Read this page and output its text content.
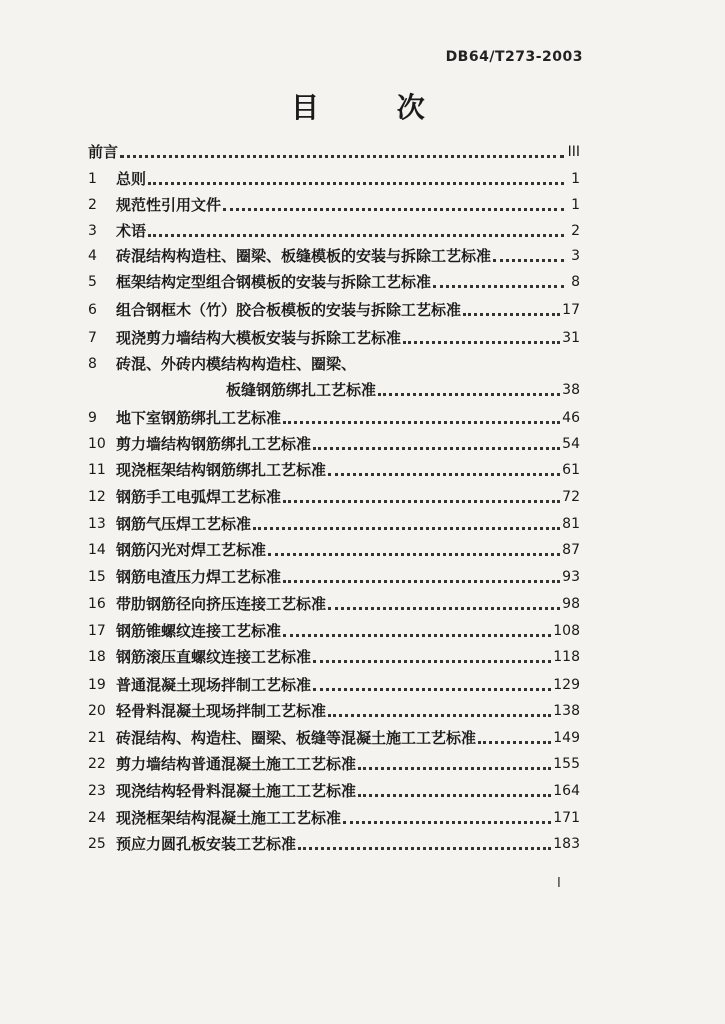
DB64/T273-2003
目 次
前言	III
1	总则	1
2	规范性引用文件	1
3	术语	2
4	砖混结构构造柱、圈梁、板缝模板的安装与拆除工艺标准	3
5	框架结构定型组合钢模板的安装与拆除工艺标准	8
6	组合钢框木（竹）胶合板模板的安装与拆除工艺标准	17
7	现浇剪力墙结构大模板安装与拆除工艺标准	31
8	砖混、外砖内模结构构造柱、圈梁、
板缝钢筋绑扎工艺标准	38
9	地下室钢筋绑扎工艺标准	46
10 剪力墙结构钢筋绑扎工艺标准	54
11 现浇框架结构钢筋绑扎工艺标准	61
12 钢筋手工电弧焊工艺标准	72
13 钢筋气压焊工艺标准	81
14 钢筋闪光对焊工艺标准	87
15 钢筋电渣压力焊工艺标准	93
16 带肋钢筋径向挤压连接工艺标准	98
17 钢筋锥螺纹连接工艺标准	108
18 钢筋滚压直螺纹连接工艺标准	118
19 普通混凝土现场拌制工艺标准	129
20 轻骨料混凝土现场拌制工艺标准	138
21 砖混结构、构造柱、圈梁、板缝等混凝土施工工艺标准	149
22 剪力墙结构普通混凝土施工工艺标准	155
23 现浇结构轻骨料混凝土施工工艺标准	164
24 现浇框架结构混凝土施工工艺标准	171
25 预应力圆孔板安装工艺标准	183
I
